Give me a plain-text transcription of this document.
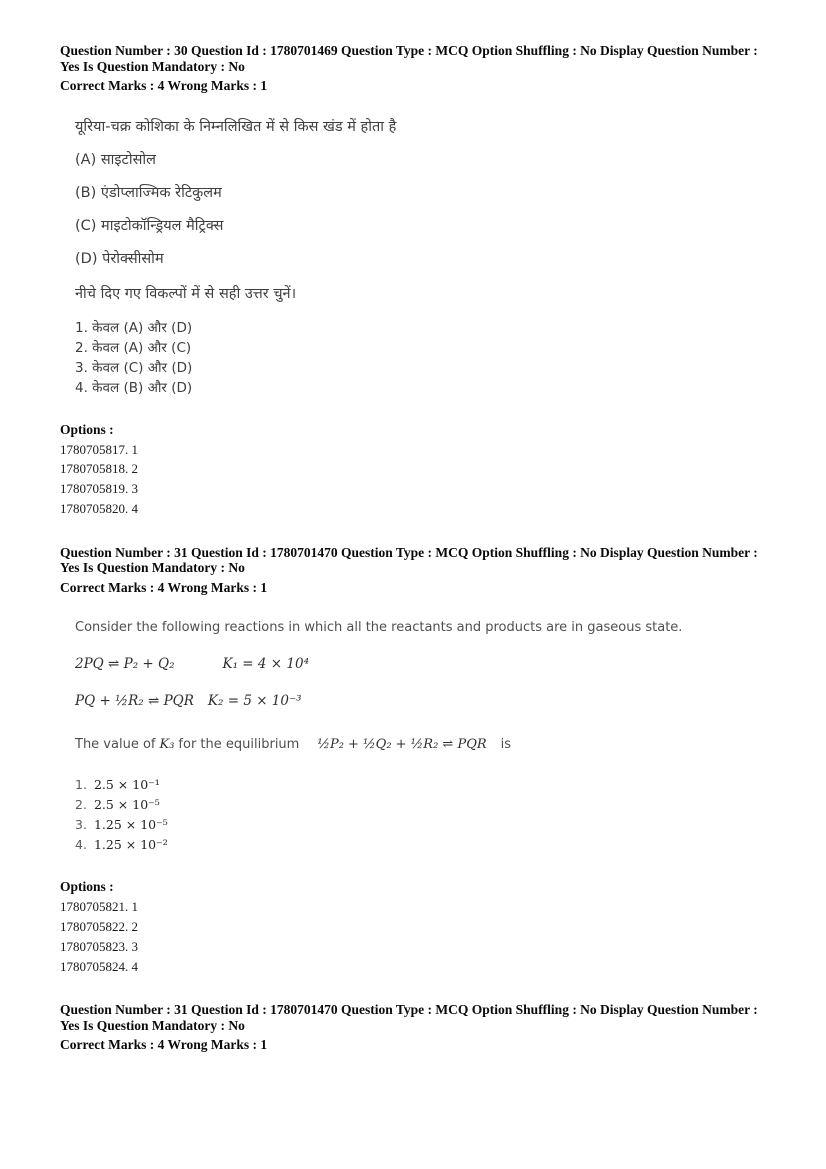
Question Number : 30 Question Id : 1780701469 Question Type : MCQ Option Shuffling : No Display Question Number : Yes Is Question Mandatory : No

Correct Marks : 4 Wrong Marks : 1

यूरिया-चक्र कोशिका के निम्नलिखित में से किस खंड में होता है

(A) साइटोसोल

(B) एंडोप्लाज्मिक रेटिकुलम

(C) माइटोकॉन्ड्रियल मैट्रिक्स

(D) पेरोक्सीसोम

नीचे दिए गए विकल्पों में से सही उत्तर चुनें।

1. केवल (A) और (D)

2. केवल (A) और (C)

3. केवल (C) और (D)

4. केवल (B) और (D)

Options :

1780705817. 1

1780705818. 2

1780705819. 3

1780705820. 4

Question Number : 31 Question Id : 1780701470 Question Type : MCQ Option Shuffling : No Display Question Number : Yes Is Question Mandatory : No

Correct Marks : 4 Wrong Marks : 1

Consider the following reactions in which all the reactants and products are in gaseous state.

2PQ ⇌ P₂ + Q₂	K₁ = 4 × 10⁴

PQ + ½R₂ ⇌ PQR K₂ = 5 × 10⁻³

The value of K₃ for the equilibrium ½P₂ + ½Q₂ + ½R₂ ⇌ PQR is

1. 2.5 × 10⁻¹

2. 2.5 × 10⁻⁵

3. 1.25 × 10⁻⁵

4. 1.25 × 10⁻²

Options :

1780705821. 1

1780705822. 2

1780705823. 3

1780705824. 4

Question Number : 31 Question Id : 1780701470 Question Type : MCQ Option Shuffling : No Display Question Number : Yes Is Question Mandatory : No

Correct Marks : 4 Wrong Marks : 1
